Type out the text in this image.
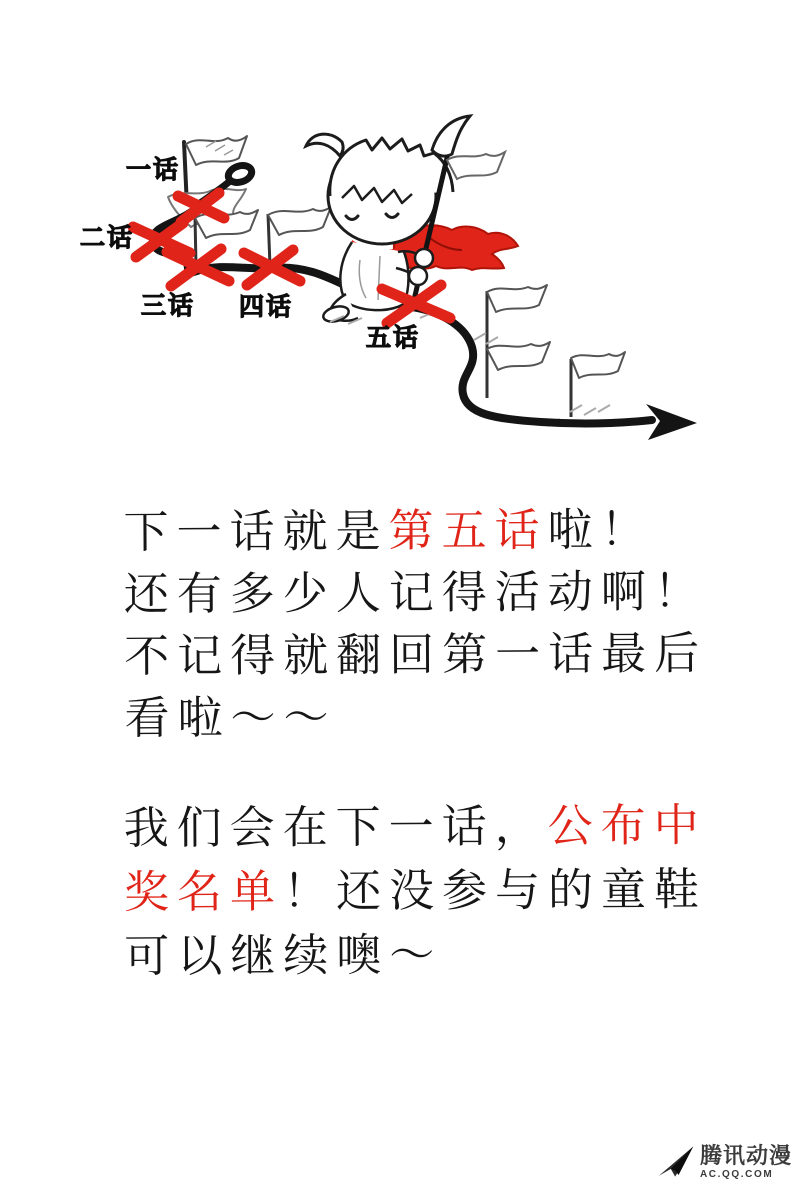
一话
二话
三话 四话
五话
下一话就是第五话啦！
还有多少人记得活动啊！
不记得就翻回第一话最后
看啦～～
我们会在下一话，公布中
奖名单！还没参与的童鞋
可以继续噢～
腾讯动漫
AC.QQ.COM
